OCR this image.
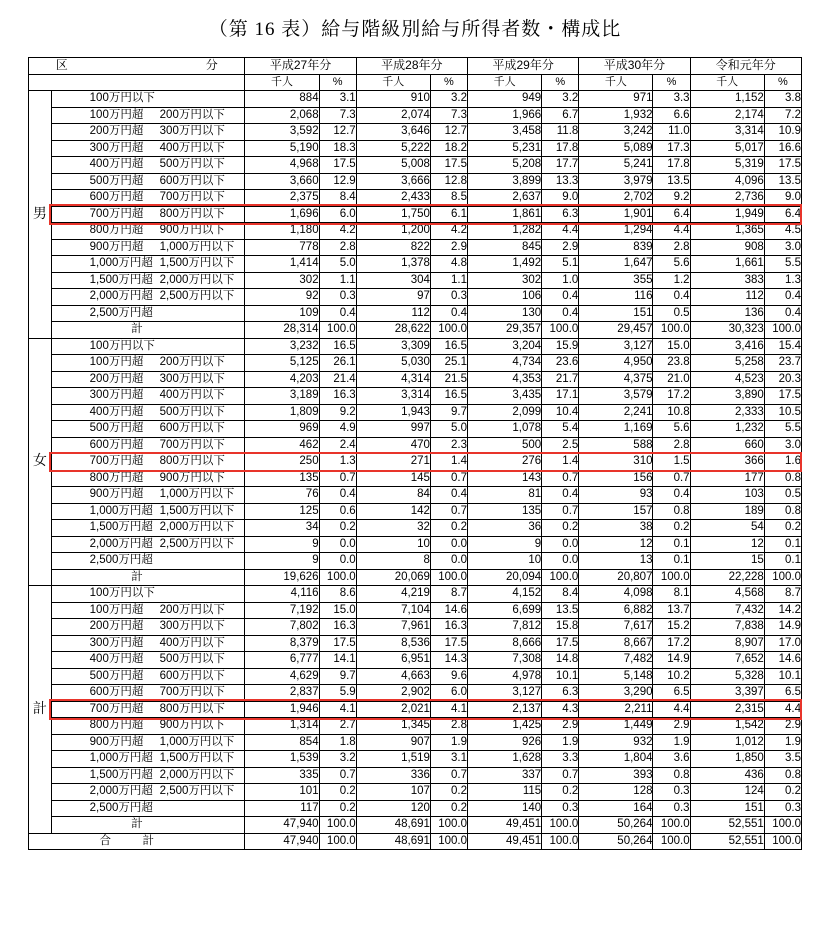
（第 16 表）給与階級別給与所得者数・構成比
区　　　　分		平成27年分		平成28年分		平成29年分		平成30年分		令和元年分	
		千人	%	千人	%	千人	%	千人	%	千人	%
男	100万円以下	884	3.1	910	3.2	949	3.2	971	3.3	1,152	3.8

	100万円超 200万円以下	2,068	7.3	2,074	7.3	1,966	6.7	1,932	6.6	2,174	7.2

	200万円超 300万円以下	3,592	12.7	3,646	12.7	3,458	11.8	3,242	11.0	3,314	10.9

	300万円超 400万円以下	5,190	18.3	5,222	18.2	5,231	17.8	5,089	17.3	5,017	16.6

	400万円超 500万円以下	4,968	17.5	5,008	17.5	5,208	17.7	5,241	17.8	5,319	17.5

	500万円超 600万円以下	3,660	12.9	3,666	12.8	3,899	13.3	3,979	13.5	4,096	13.5

	600万円超 700万円以下	2,375	8.4	2,433	8.5	2,637	9.0	2,702	9.2	2,736	9.0

	700万円超 800万円以下	1,696	6.0	1,750	6.1	1,861	6.3	1,901	6.4	1,949	6.4

	800万円超 900万円以下	1,180	4.2	1,200	4.2	1,282	4.4	1,294	4.4	1,365	4.5

	900万円超 1,000万円以下	778	2.8	822	2.9	845	2.9	839	2.8	908	3.0

	1,000万円超 1,500万円以下	1,414	5.0	1,378	4.8	1,492	5.1	1,647	5.6	1,661	5.5

	1,500万円超 2,000万円以下	302	1.1	304	1.1	302	1.0	355	1.2	383	1.3

	2,000万円超 2,500万円以下	92	0.3	97	0.3	106	0.4	116	0.4	112	0.4

	2,500万円超	109	0.4	112	0.4	130	0.4	151	0.5	136	0.4

	計	28,314	100.0	28,622	100.0	29,357	100.0	29,457	100.0	30,323	100.0
女	100万円以下	3,232	16.5	3,309	16.5	3,204	15.9	3,127	15.0	3,416	15.4

	100万円超 200万円以下	5,125	26.1	5,030	25.1	4,734	23.6	4,950	23.8	5,258	23.7

	200万円超 300万円以下	4,203	21.4	4,314	21.5	4,353	21.7	4,375	21.0	4,523	20.3

	300万円超 400万円以下	3,189	16.3	3,314	16.5	3,435	17.1	3,579	17.2	3,890	17.5

	400万円超 500万円以下	1,809	9.2	1,943	9.7	2,099	10.4	2,241	10.8	2,333	10.5

	500万円超 600万円以下	969	4.9	997	5.0	1,078	5.4	1,169	5.6	1,232	5.5

	600万円超 700万円以下	462	2.4	470	2.3	500	2.5	588	2.8	660	3.0

	700万円超 800万円以下	250	1.3	271	1.4	276	1.4	310	1.5	366	1.6

	800万円超 900万円以下	135	0.7	145	0.7	143	0.7	156	0.7	177	0.8

	900万円超 1,000万円以下	76	0.4	84	0.4	81	0.4	93	0.4	103	0.5

	1,000万円超 1,500万円以下	125	0.6	142	0.7	135	0.7	157	0.8	189	0.8

	1,500万円超 2,000万円以下	34	0.2	32	0.2	36	0.2	38	0.2	54	0.2

	2,000万円超 2,500万円以下	9	0.0	10	0.0	9	0.0	12	0.1	12	0.1

	2,500万円超	9	0.0	8	0.0	10	0.0	13	0.1	15	0.1

	計	19,626	100.0	20,069	100.0	20,094	100.0	20,807	100.0	22,228	100.0
計	100万円以下	4,116	8.6	4,219	8.7	4,152	8.4	4,098	8.1	4,568	8.7

	100万円超 200万円以下	7,192	15.0	7,104	14.6	6,699	13.5	6,882	13.7	7,432	14.2

	200万円超 300万円以下	7,802	16.3	7,961	16.3	7,812	15.8	7,617	15.2	7,838	14.9

	300万円超 400万円以下	8,379	17.5	8,536	17.5	8,666	17.5	8,667	17.2	8,907	17.0

	400万円超 500万円以下	6,777	14.1	6,951	14.3	7,308	14.8	7,482	14.9	7,652	14.6

	500万円超 600万円以下	4,629	9.7	4,663	9.6	4,978	10.1	5,148	10.2	5,328	10.1

	600万円超 700万円以下	2,837	5.9	2,902	6.0	3,127	6.3	3,290	6.5	3,397	6.5

	700万円超 800万円以下	1,946	4.1	2,021	4.1	2,137	4.3	2,211	4.4	2,315	4.4

	800万円超 900万円以下	1,314	2.7	1,345	2.8	1,425	2.9	1,449	2.9	1,542	2.9

	900万円超 1,000万円以下	854	1.8	907	1.9	926	1.9	932	1.9	1,012	1.9

	1,000万円超 1,500万円以下	1,539	3.2	1,519	3.1	1,628	3.3	1,804	3.6	1,850	3.5

	1,500万円超 2,000万円以下	335	0.7	336	0.7	337	0.7	393	0.8	436	0.8

	2,000万円超 2,500万円以下	101	0.2	107	0.2	115	0.2	128	0.3	124	0.2

	2,500万円超	117	0.2	120	0.2	140	0.3	164	0.3	151	0.3

	計	47,940	100.0	48,691	100.0	49,451	100.0	50,264	100.0	52,551	100.0

合　計		47,940	100.0	48,691	100.0	49,451	100.0	50,264	100.0	52,551	100.0
